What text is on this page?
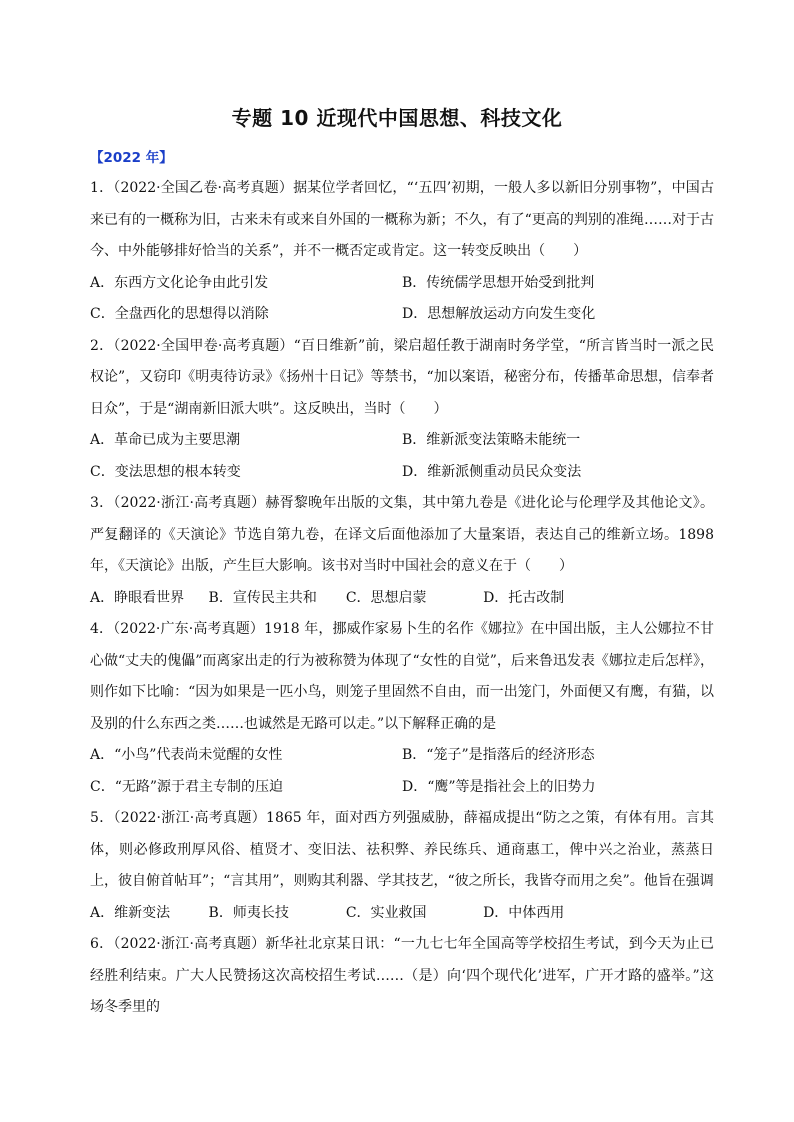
专题 10 近现代中国思想、科技文化
【2022 年】

1．（2022·全国乙卷·高考真题）据某位学者回忆，“‘五四’初期，一般人多以新旧分别事物”，中国古来已有的一概称为旧，古来未有或来自外国的一概称为新；不久，有了“更高的判别的准绳……对于古今、中外能够排好恰当的关系”，并不一概否定或肯定。这一转变反映出（　　）

A．东西方文化论争由此引发	B．传统儒学思想开始受到批判
C．全盘西化的思想得以消除	D．思想解放运动方向发生变化

2．（2022·全国甲卷·高考真题）“百日维新”前，梁启超任教于湖南时务学堂，“所言皆当时一派之民权论”，又窃印《明夷待访录》《扬州十日记》等禁书，“加以案语，秘密分布，传播革命思想，信奉者日众”，于是“湖南新旧派大哄”。这反映出，当时（　　）

A．革命已成为主要思潮	B．维新派变法策略未能统一
C．变法思想的根本转变	D．维新派侧重动员民众变法

3．（2022·浙江·高考真题）赫胥黎晚年出版的文集，其中第九卷是《进化论与伦理学及其他论文》。严复翻译的《天演论》节选自第九卷，在译文后面他添加了大量案语，表达自己的维新立场。1898 年，《天演论》出版，产生巨大影响。该书对当时中国社会的意义在于（　　）

A．睁眼看世界	B．宣传民主共和	C．思想启蒙	D．托古改制

4．（2022·广东·高考真题）1918 年，挪威作家易卜生的名作《娜拉》在中国出版，主人公娜拉不甘心做“丈夫的傀儡”而离家出走的行为被称赞为体现了“女性的自觉”，后来鲁迅发表《娜拉走后怎样》，则作如下比喻：“因为如果是一匹小鸟，则笼子里固然不自由，而一出笼门，外面便又有鹰，有猫，以及别的什么东西之类……也诚然是无路可以走。”以下解释正确的是

A．“小鸟”代表尚未觉醒的女性	B．“笼子”是指落后的经济形态
C．“无路”源于君主专制的压迫	D．“鹰”等是指社会上的旧势力

5．（2022·浙江·高考真题）1865 年，面对西方列强威胁，薛福成提出“防之之策，有体有用。言其体，则必修政刑厚风俗、植贤才、变旧法、祛积弊、养民练兵、通商惠工，俾中兴之治业，蒸蒸日上，彼自俯首帖耳”；“言其用”，则购其利器、学其技艺，“彼之所长，我皆夺而用之矣”。他旨在强调

A．维新变法	B．师夷长技	C．实业救国	D．中体西用

6．（2022·浙江·高考真题）新华社北京某日讯：“一九七七年全国高等学校招生考试，到今天为止已经胜利结束。广大人民赞扬这次高校招生考试……（是）向‘四个现代化’进军，广开才路的盛举。”这场冬季里的
